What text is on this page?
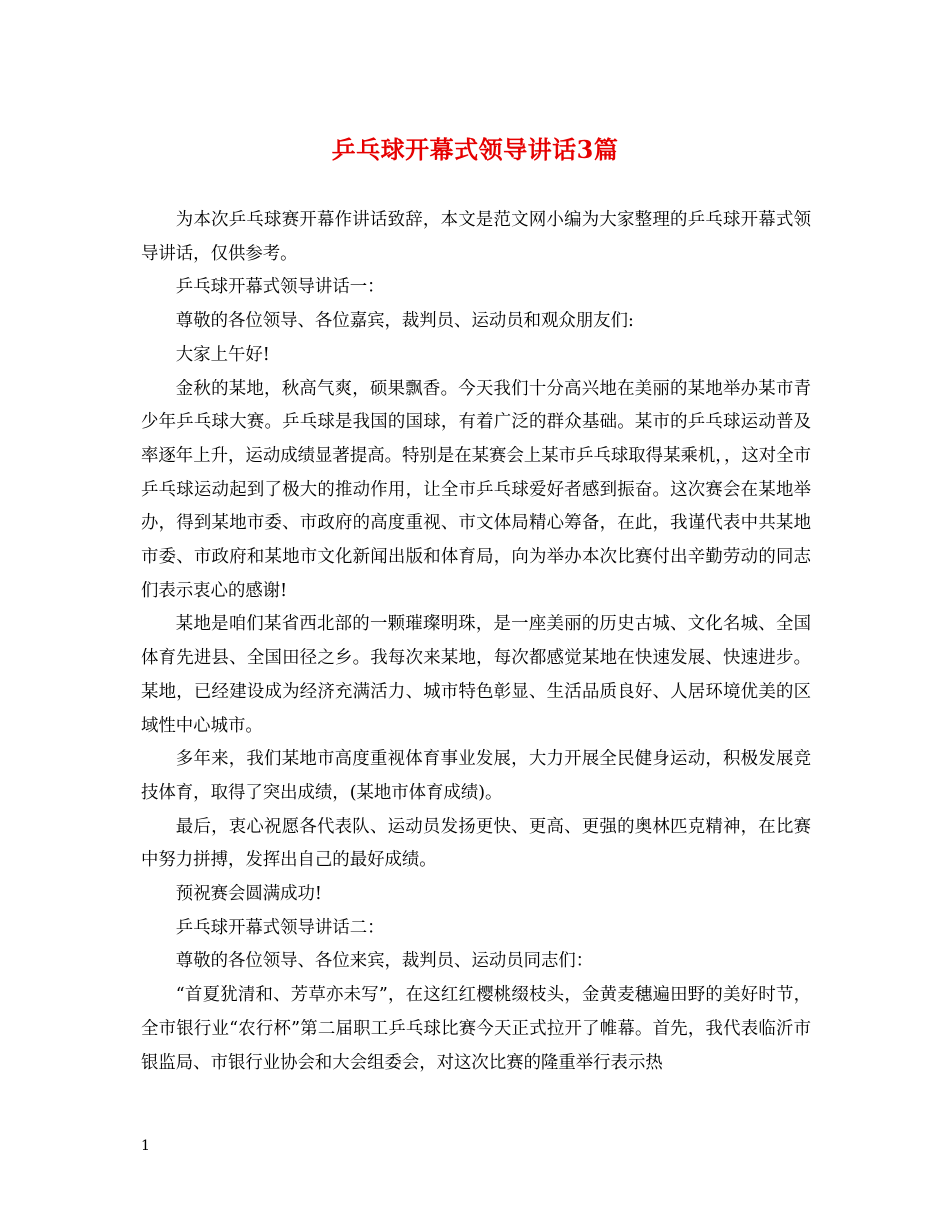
乒乓球开幕式领导讲话3篇

为本次乒乓球赛开幕作讲话致辞，本文是范文网小编为大家整理的乒乓球开幕式领导讲话，仅供参考。

乒乓球开幕式领导讲话一：

尊敬的各位领导、各位嘉宾，裁判员、运动员和观众朋友们:

大家上午好!

金秋的某地，秋高气爽，硕果飘香。今天我们十分高兴地在美丽的某地举办某市青少年乒乓球大赛。乒乓球是我国的国球，有着广泛的群众基础。某市的乒乓球运动普及率逐年上升，运动成绩显著提高。特别是在某赛会上某市乒乓球取得某乘机，，这对全市乒乓球运动起到了极大的推动作用，让全市乒乓球爱好者感到振奋。这次赛会在某地举办，得到某地市委、市政府的高度重视、市文体局精心筹备，在此，我谨代表中共某地市委、市政府和某地市文化新闻出版和体育局，向为举办本次比赛付出辛勤劳动的同志们表示衷心的感谢!

某地是咱们某省西北部的一颗璀璨明珠，是一座美丽的历史古城、文化名城、全国体育先进县、全国田径之乡。我每次来某地，每次都感觉某地在快速发展、快速进步。某地，已经建设成为经济充满活力、城市特色彰显、生活品质良好、人居环境优美的区域性中心城市。

多年来，我们某地市高度重视体育事业发展，大力开展全民健身运动，积极发展竞技体育，取得了突出成绩，(某地市体育成绩)。

最后，衷心祝愿各代表队、运动员发扬更快、更高、更强的奥林匹克精神，在比赛中努力拼搏，发挥出自己的最好成绩。

预祝赛会圆满成功!

乒乓球开幕式领导讲话二：

尊敬的各位领导、各位来宾，裁判员、运动员同志们：

“首夏犹清和、芳草亦未写”，在这红红樱桃缀枝头，金黄麦穗遍田野的美好时节，全市银行业“农行杯”第二届职工乒乓球比赛今天正式拉开了帷幕。首先，我代表临沂市银监局、市银行业协会和大会组委会，对这次比赛的隆重举行表示热

1
